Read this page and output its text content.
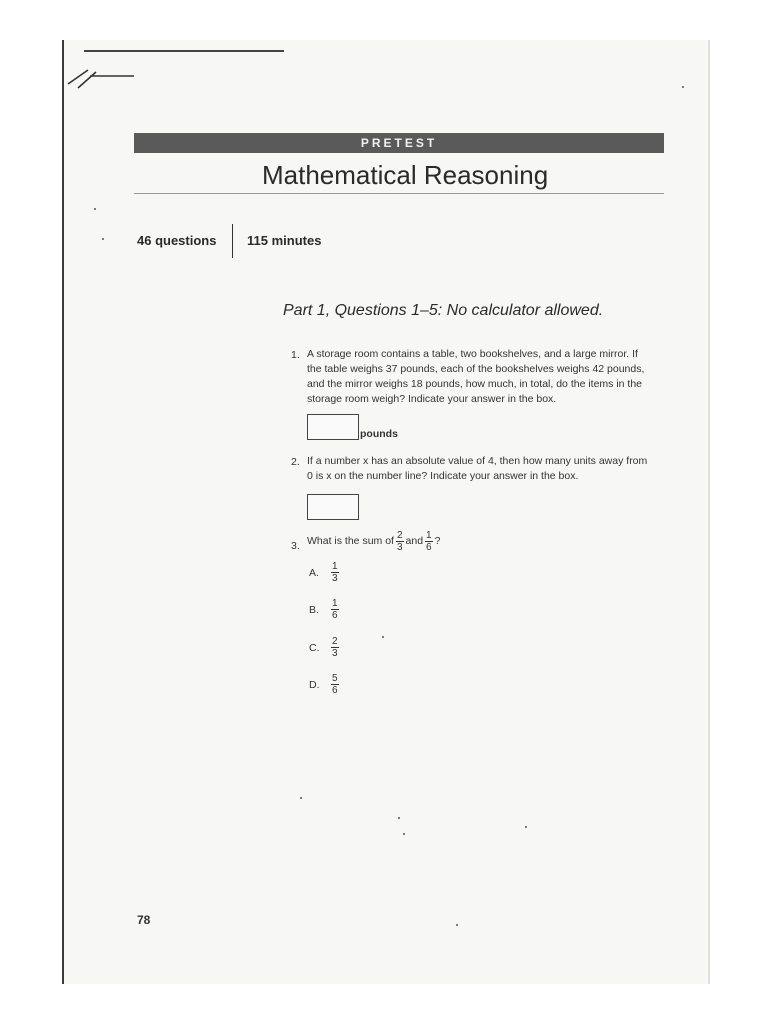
PRETEST
Mathematical Reasoning
46 questions 115 minutes
Part 1, Questions 1–5: No calculator allowed.
1. A storage room contains a table, two bookshelves, and a large mirror. If
the table weighs 37 pounds, each of the bookshelves weighs 42 pounds,
and the mirror weighs 18 pounds, how much, in total, do the items in the
storage room weigh? Indicate your answer in the box.
pounds
2. If a number x has an absolute value of 4, then how many units away from
0 is x on the number line? Indicate your answer in the box.
3. What is the sum of $\frac{2}{3}$ and $\frac{1}{6}$ ?
A.	$\frac{1}{3}$
B.	$\frac{1}{6}$
C.	$\frac{2}{3}$
D.	$\frac{5}{6}$
78
